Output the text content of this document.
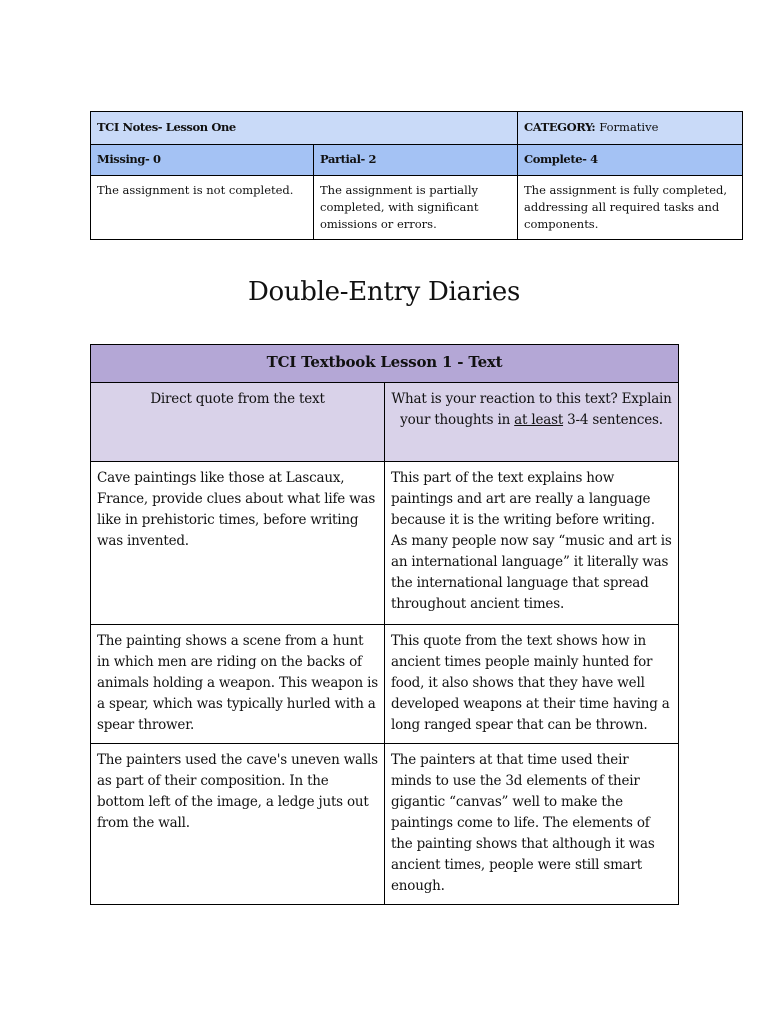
TCI Notes- Lesson One		CATEGORY: Formative
Missing- 0	Partial- 2	Complete- 4
The assignment is not completed.	The assignment is partially completed, with significant omissions or errors.	The assignment is fully completed, addressing all required tasks and components.
Double-Entry Diaries
TCI Textbook Lesson 1 - Text	
Direct quote from the text	What is your reaction to this text? Explain your thoughts in at least 3-4 sentences.
Cave paintings like those at Lascaux, France, provide clues about what life was like in prehistoric times, before writing was invented.	This part of the text explains how paintings and art are really a language because it is the writing before writing. As many people now say “music and art is an international language” it literally was the international language that spread throughout ancient times.
The painting shows a scene from a hunt in which men are riding on the backs of animals holding a weapon. This weapon is a spear, which was typically hurled with a spear thrower.	This quote from the text shows how in ancient times people mainly hunted for food, it also shows that they have well developed weapons at their time having a long ranged spear that can be thrown.
The painters used the cave's uneven walls as part of their composition. In the bottom left of the image, a ledge juts out from the wall.	The painters at that time used their minds to use the 3d elements of their gigantic “canvas” well to make the paintings come to life. The elements of the painting shows that although it was ancient times, people were still smart enough.
